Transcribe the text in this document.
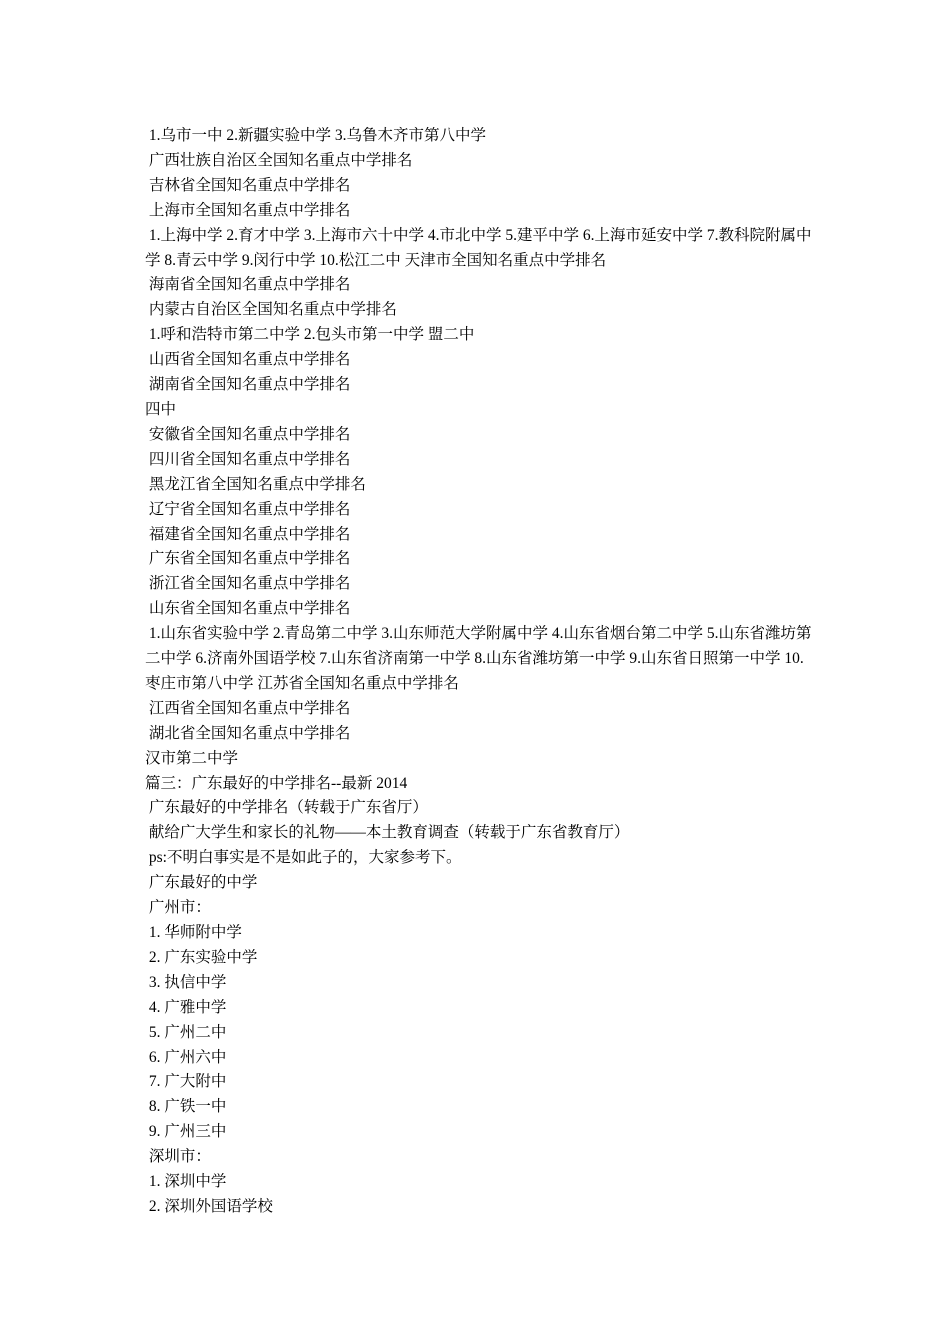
1.乌市一中 2.新疆实验中学 3.乌鲁木齐市第八中学
广西壮族自治区全国知名重点中学排名
吉林省全国知名重点中学排名
上海市全国知名重点中学排名
1.上海中学 2.育才中学 3.上海市六十中学 4.市北中学 5.建平中学 6.上海市延安中学 7.教科院附属中学 8.青云中学 9.闵行中学 10.松江二中 天津市全国知名重点中学排名
海南省全国知名重点中学排名
内蒙古自治区全国知名重点中学排名
1.呼和浩特市第二中学 2.包头市第一中学 盟二中
山西省全国知名重点中学排名
湖南省全国知名重点中学排名
四中
安徽省全国知名重点中学排名
四川省全国知名重点中学排名
黑龙江省全国知名重点中学排名
辽宁省全国知名重点中学排名
福建省全国知名重点中学排名
广东省全国知名重点中学排名
浙江省全国知名重点中学排名
山东省全国知名重点中学排名
1.山东省实验中学 2.青岛第二中学 3.山东师范大学附属中学 4.山东省烟台第二中学 5.山东省潍坊第二中学 6.济南外国语学校 7.山东省济南第一中学 8.山东省潍坊第一中学 9.山东省日照第一中学 10.枣庄市第八中学 江苏省全国知名重点中学排名
江西省全国知名重点中学排名
湖北省全国知名重点中学排名
汉市第二中学
篇三：广东最好的中学排名--最新 2014
广东最好的中学排名（转载于广东省厅）
献给广大学生和家长的礼物——本土教育调查（转载于广东省教育厅）
ps:不明白事实是不是如此子的，大家参考下。
广东最好的中学
广州市：
1. 华师附中学
2. 广东实验中学
3. 执信中学
4. 广雅中学
5. 广州二中
6. 广州六中
7. 广大附中
8. 广铁一中
9. 广州三中
深圳市：
1. 深圳中学
2. 深圳外国语学校
